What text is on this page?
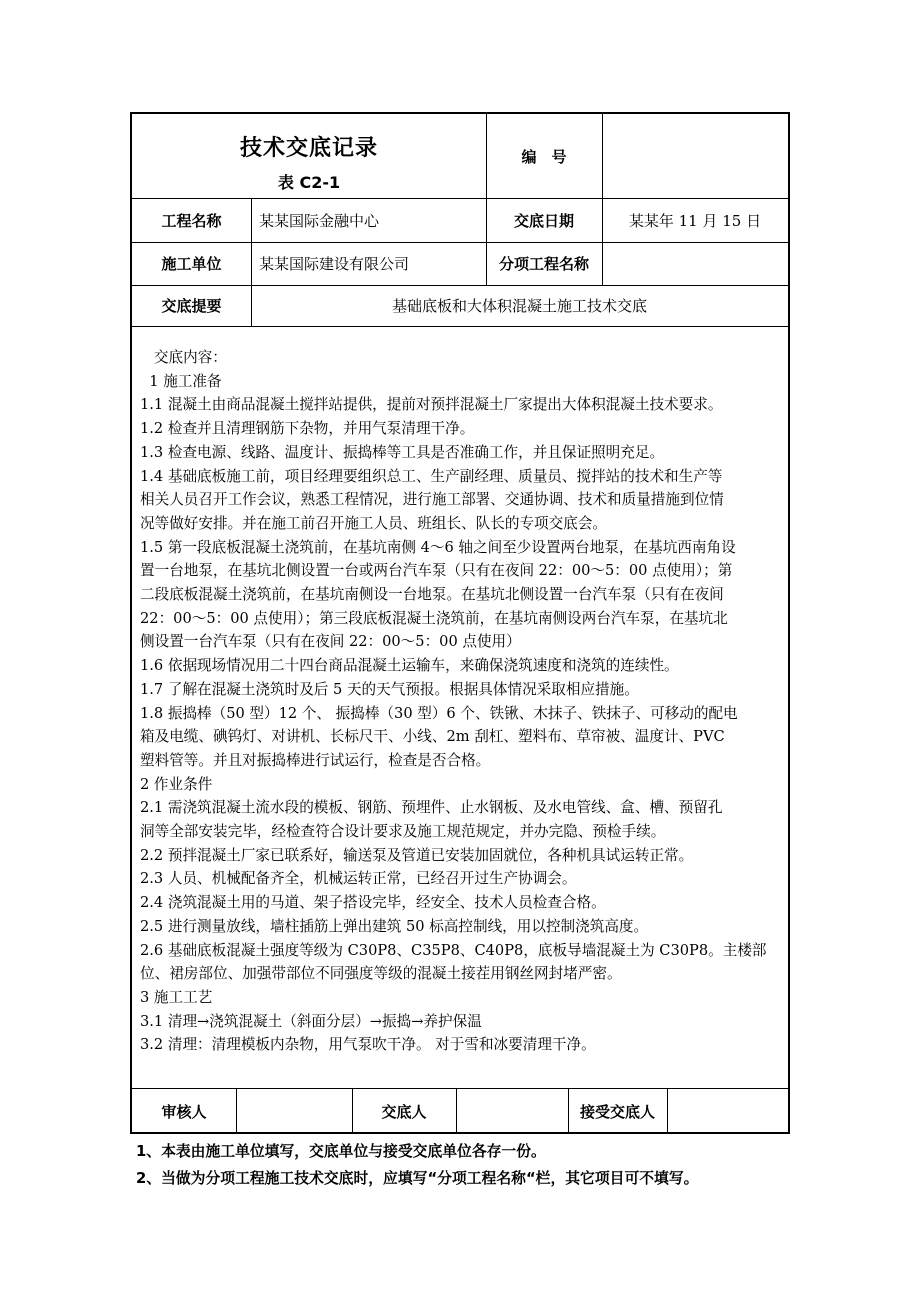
技术交底记录
表 C2-1
编　号
工程名称	某某国际金融中心	交底日期	某某年 11 月 15 日
施工单位	某某国际建设有限公司	分项工程名称
交底提要	基础底板和大体积混凝土施工技术交底

交底内容：

1 施工准备

1.1 混凝土由商品混凝土搅拌站提供，提前对预拌混凝土厂家提出大体积混凝土技术要求。

1.2 检查并且清理钢筋下杂物，并用气泵清理干净。

1.3 检查电源、线路、温度计、振捣棒等工具是否准确工作，并且保证照明充足。

1.4 基础底板施工前，项目经理要组织总工、生产副经理、质量员、搅拌站的技术和生产等

相关人员召开工作会议，熟悉工程情况，进行施工部署、交通协调、技术和质量措施到位情

况等做好安排。并在施工前召开施工人员、班组长、队长的专项交底会。

1.5 第一段底板混凝土浇筑前，在基坑南侧 4～6 轴之间至少设置两台地泵，在基坑西南角设

置一台地泵，在基坑北侧设置一台或两台汽车泵（只有在夜间 22：00～5：00 点使用）；第

二段底板混凝土浇筑前，在基坑南侧设一台地泵。在基坑北侧设置一台汽车泵（只有在夜间

22：00～5：00 点使用）；第三段底板混凝土浇筑前，在基坑南侧设两台汽车泵，在基坑北

侧设置一台汽车泵（只有在夜间 22：00～5：00 点使用）

1.6 依据现场情况用二十四台商品混凝土运输车，来确保浇筑速度和浇筑的连续性。

1.7 了解在混凝土浇筑时及后 5 天的天气预报。根据具体情况采取相应措施。

1.8 振捣棒（50 型）12 个、 振捣棒（30 型）6 个、铁锹、木抹子、铁抹子、可移动的配电

箱及电缆、碘钨灯、对讲机、长标尺干、小线、2m 刮杠、塑料布、草帘被、温度计、PVC

塑料管等。并且对振捣棒进行试运行，检查是否合格。

2 作业条件

2.1 需浇筑混凝土流水段的模板、钢筋、预埋件、止水钢板、及水电管线、盒、槽、预留孔

洞等全部安装完毕，经检查符合设计要求及施工规范规定，并办完隐、预检手续。

2.2 预拌混凝土厂家已联系好，输送泵及管道已安装加固就位，各种机具试运转正常。

2.3 人员、机械配备齐全，机械运转正常，已经召开过生产协调会。

2.4 浇筑混凝土用的马道、架子搭设完毕，经安全、技术人员检查合格。

2.5 进行测量放线，墙柱插筋上弹出建筑 50 标高控制线，用以控制浇筑高度。

2.6 基础底板混凝土强度等级为 C30P8、C35P8、C40P8，底板导墙混凝土为 C30P8。主楼部

位、裙房部位、加强带部位不同强度等级的混凝土接茬用钢丝网封堵严密。

3 施工工艺

3.1 清理→浇筑混凝土（斜面分层）→振捣→养护保温

3.2 清理：清理模板内杂物，用气泵吹干净。 对于雪和冰要清理干净。

审核人	交底人	接受交底人

1、本表由施工单位填写，交底单位与接受交底单位各存一份。

2、当做为分项工程施工技术交底时，应填写“分项工程名称“栏，其它项目可不填写。
